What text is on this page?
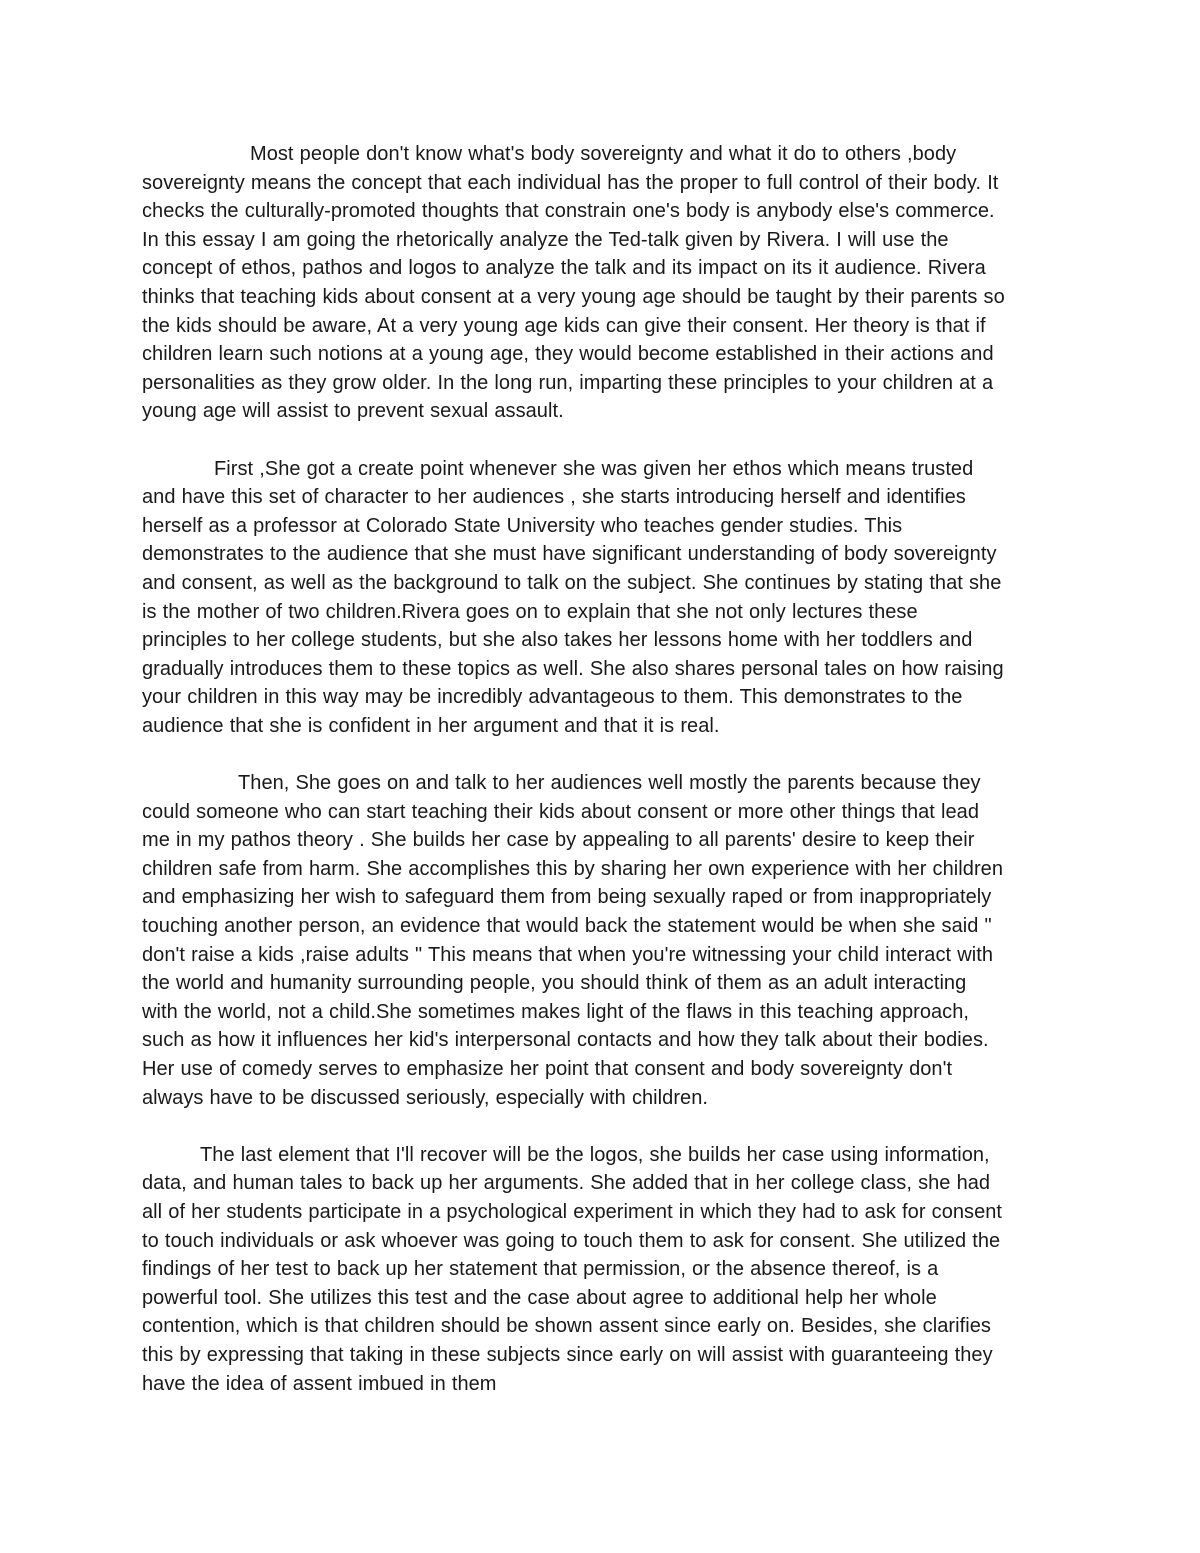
Most people don't know what's body sovereignty and what it do to others ,body
sovereignty means the concept that each individual has the proper to full control of their body. It
checks the culturally-promoted thoughts that constrain one's body is anybody else's commerce.
In this essay I am going the rhetorically analyze the Ted-talk given by Rivera. I will use the
concept of ethos, pathos and logos to analyze the talk and its impact on its it audience. Rivera
thinks that teaching kids about consent at a very young age should be taught by their parents so
the kids should be aware, At a very young age kids can give their consent. Her theory is that if
children learn such notions at a young age, they would become established in their actions and
personalities as they grow older. In the long run, imparting these principles to your children at a
young age will assist to prevent sexual assault.

First ,She got a create point whenever she was given her ethos which means trusted
and have this set of character to her audiences , she starts introducing herself and identifies
herself as a professor at Colorado State University who teaches gender studies. This
demonstrates to the audience that she must have significant understanding of body sovereignty
and consent, as well as the background to talk on the subject. She continues by stating that she
is the mother of two children.Rivera goes on to explain that she not only lectures these
principles to her college students, but she also takes her lessons home with her toddlers and
gradually introduces them to these topics as well. She also shares personal tales on how raising
your children in this way may be incredibly advantageous to them. This demonstrates to the
audience that she is confident in her argument and that it is real.

Then, She goes on and talk to her audiences well mostly the parents because they
could someone who can start teaching their kids about consent or more other things that lead
me in my pathos theory . She builds her case by appealing to all parents' desire to keep their
children safe from harm. She accomplishes this by sharing her own experience with her children
and emphasizing her wish to safeguard them from being sexually raped or from inappropriately
touching another person, an evidence that would back the statement would be when she said "
don't raise a kids ,raise adults " This means that when you're witnessing your child interact with
the world and humanity surrounding people, you should think of them as an adult interacting
with the world, not a child.She sometimes makes light of the flaws in this teaching approach,
such as how it influences her kid's interpersonal contacts and how they talk about their bodies.
Her use of comedy serves to emphasize her point that consent and body sovereignty don't
always have to be discussed seriously, especially with children.

The last element that I'll recover will be the logos, she builds her case using information,
data, and human tales to back up her arguments. She added that in her college class, she had
all of her students participate in a psychological experiment in which they had to ask for consent
to touch individuals or ask whoever was going to touch them to ask for consent. She utilized the
findings of her test to back up her statement that permission, or the absence thereof, is a
powerful tool. She utilizes this test and the case about agree to additional help her whole
contention, which is that children should be shown assent since early on. Besides, she clarifies
this by expressing that taking in these subjects since early on will assist with guaranteeing they
have the idea of assent imbued in them
